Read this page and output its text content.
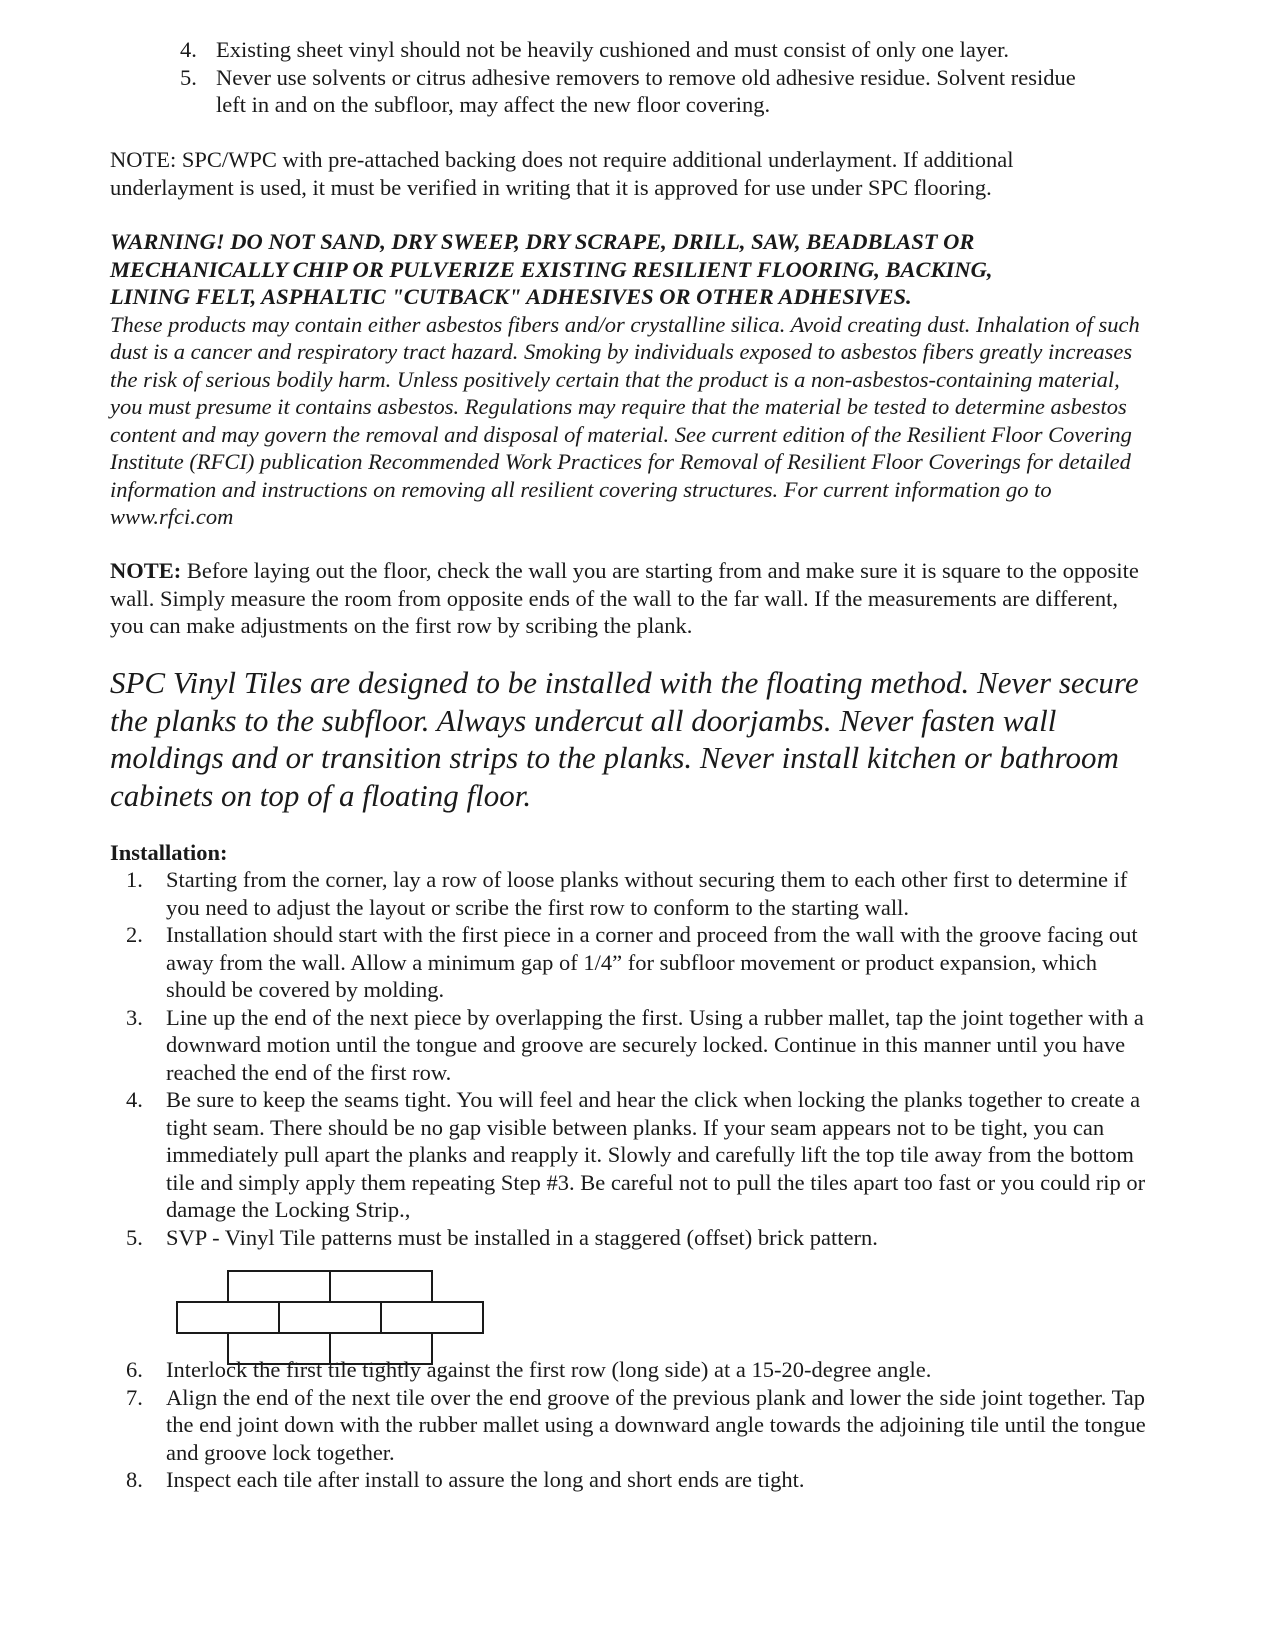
4. Existing sheet vinyl should not be heavily cushioned and must consist of only one layer.
5. Never use solvents or citrus adhesive removers to remove old adhesive residue. Solvent residue left in and on the subfloor, may affect the new floor covering.

NOTE: SPC/WPC with pre-attached backing does not require additional underlayment. If additional underlayment is used, it must be verified in writing that it is approved for use under SPC flooring.

WARNING! DO NOT SAND, DRY SWEEP, DRY SCRAPE, DRILL, SAW, BEADBLAST OR MECHANICALLY CHIP OR PULVERIZE EXISTING RESILIENT FLOORING, BACKING, LINING FELT, ASPHALTIC "CUTBACK" ADHESIVES OR OTHER ADHESIVES.

These products may contain either asbestos fibers and/or crystalline silica. Avoid creating dust. Inhalation of such dust is a cancer and respiratory tract hazard. Smoking by individuals exposed to asbestos fibers greatly increases the risk of serious bodily harm. Unless positively certain that the product is a non-asbestos-containing material, you must presume it contains asbestos. Regulations may require that the material be tested to determine asbestos content and may govern the removal and disposal of material. See current edition of the Resilient Floor Covering Institute (RFCI) publication Recommended Work Practices for Removal of Resilient Floor Coverings for detailed information and instructions on removing all resilient covering structures. For current information go to www.rfci.com

NOTE: Before laying out the floor, check the wall you are starting from and make sure it is square to the opposite wall. Simply measure the room from opposite ends of the wall to the far wall. If the measurements are different, you can make adjustments on the first row by scribing the plank.

SPC Vinyl Tiles are designed to be installed with the floating method. Never secure the planks to the subfloor. Always undercut all doorjambs. Never fasten wall moldings and or transition strips to the planks. Never install kitchen or bathroom cabinets on top of a floating floor.

Installation:

1. Starting from the corner, lay a row of loose planks without securing them to each other first to determine if you need to adjust the layout or scribe the first row to conform to the starting wall.
2. Installation should start with the first piece in a corner and proceed from the wall with the groove facing out away from the wall. Allow a minimum gap of 1/4” for subfloor movement or product expansion, which should be covered by molding.
3. Line up the end of the next piece by overlapping the first. Using a rubber mallet, tap the joint together with a downward motion until the tongue and groove are securely locked. Continue in this manner until you have reached the end of the first row.
4. Be sure to keep the seams tight. You will feel and hear the click when locking the planks together to create a tight seam. There should be no gap visible between planks. If your seam appears not to be tight, you can immediately pull apart the planks and reapply it. Slowly and carefully lift the top tile away from the bottom tile and simply apply them repeating Step #3. Be careful not to pull the tiles apart too fast or you could rip or damage the Locking Strip.,
5. SVP - Vinyl Tile patterns must be installed in a staggered (offset) brick pattern.
6. Interlock the first tile tightly against the first row (long side) at a 15-20-degree angle.
7. Align the end of the next tile over the end groove of the previous plank and lower the side joint together. Tap the end joint down with the rubber mallet using a downward angle towards the adjoining tile until the tongue and groove lock together.
8. Inspect each tile after install to assure the long and short ends are tight.
